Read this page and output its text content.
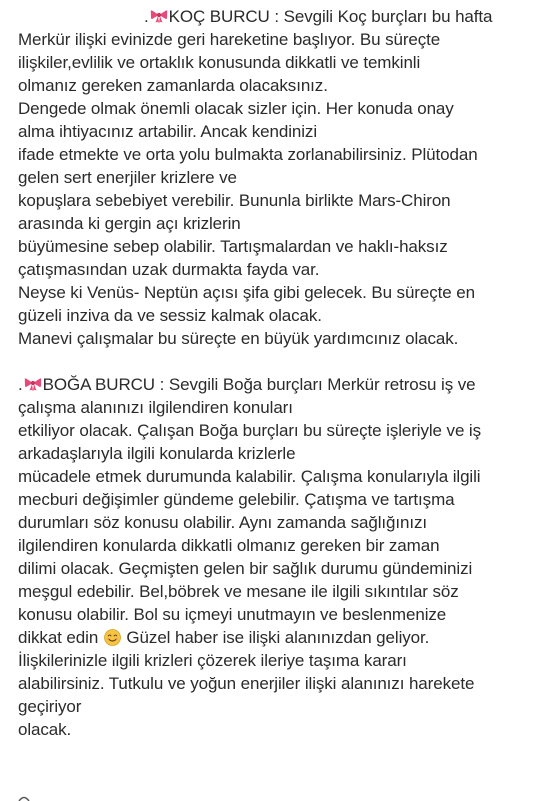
. KOÇ BURCU : Sevgili Koç burçları bu hafta
Merkür ilişki evinizde geri hareketine başlıyor. Bu süreçte
ilişkiler,evlilik ve ortaklık konusunda dikkatli ve temkinli
olmanız gereken zamanlarda olacaksınız.
Dengede olmak önemli olacak sizler için. Her konuda onay
alma ihtiyacınız artabilir. Ancak kendinizi
ifade etmekte ve orta yolu bulmakta zorlanabilirsiniz. Plütodan
gelen sert enerjiler krizlere ve
kopuşlara sebebiyet verebilir. Bununla birlikte Mars-Chiron
arasında ki gergin açı krizlerin
büyümesine sebep olabilir. Tartışmalardan ve haklı-haksız
çatışmasından uzak durmakta fayda var.
Neyse ki Venüs- Neptün açısı şifa gibi gelecek. Bu süreçte en
güzeli inziva da ve sessiz kalmak olacak.
Manevi çalışmalar bu süreçte en büyük yardımcınız olacak.
. BOĞA BURCU : Sevgili Boğa burçları Merkür retrosu iş ve
çalışma alanınızı ilgilendiren konuları
etkiliyor olacak. Çalışan Boğa burçları bu süreçte işleriyle ve iş
arkadaşlarıyla ilgili konularda krizlerle
mücadele etmek durumunda kalabilir. Çalışma konularıyla ilgili
mecburi değişimler gündeme gelebilir. Çatışma ve tartışma
durumları söz konusu olabilir. Aynı zamanda sağlığınızı
ilgilendiren konularda dikkatli olmanız gereken bir zaman
dilimi olacak. Geçmişten gelen bir sağlık durumu gündeminizi
meşgul edebilir. Bel,böbrek ve mesane ile ilgili sıkıntılar söz
konusu olabilir. Bol su içmeyi unutmayın ve beslenmenize
dikkat edin
Güzel haber ise ilişki alanınızdan geliyor.
İlişkilerinizle ilgili krizleri çözerek ileriye taşıma kararı
alabilirsiniz. Tutkulu ve yoğun enerjiler ilişki alanınızı harekete
geçiriyor
olacak.
